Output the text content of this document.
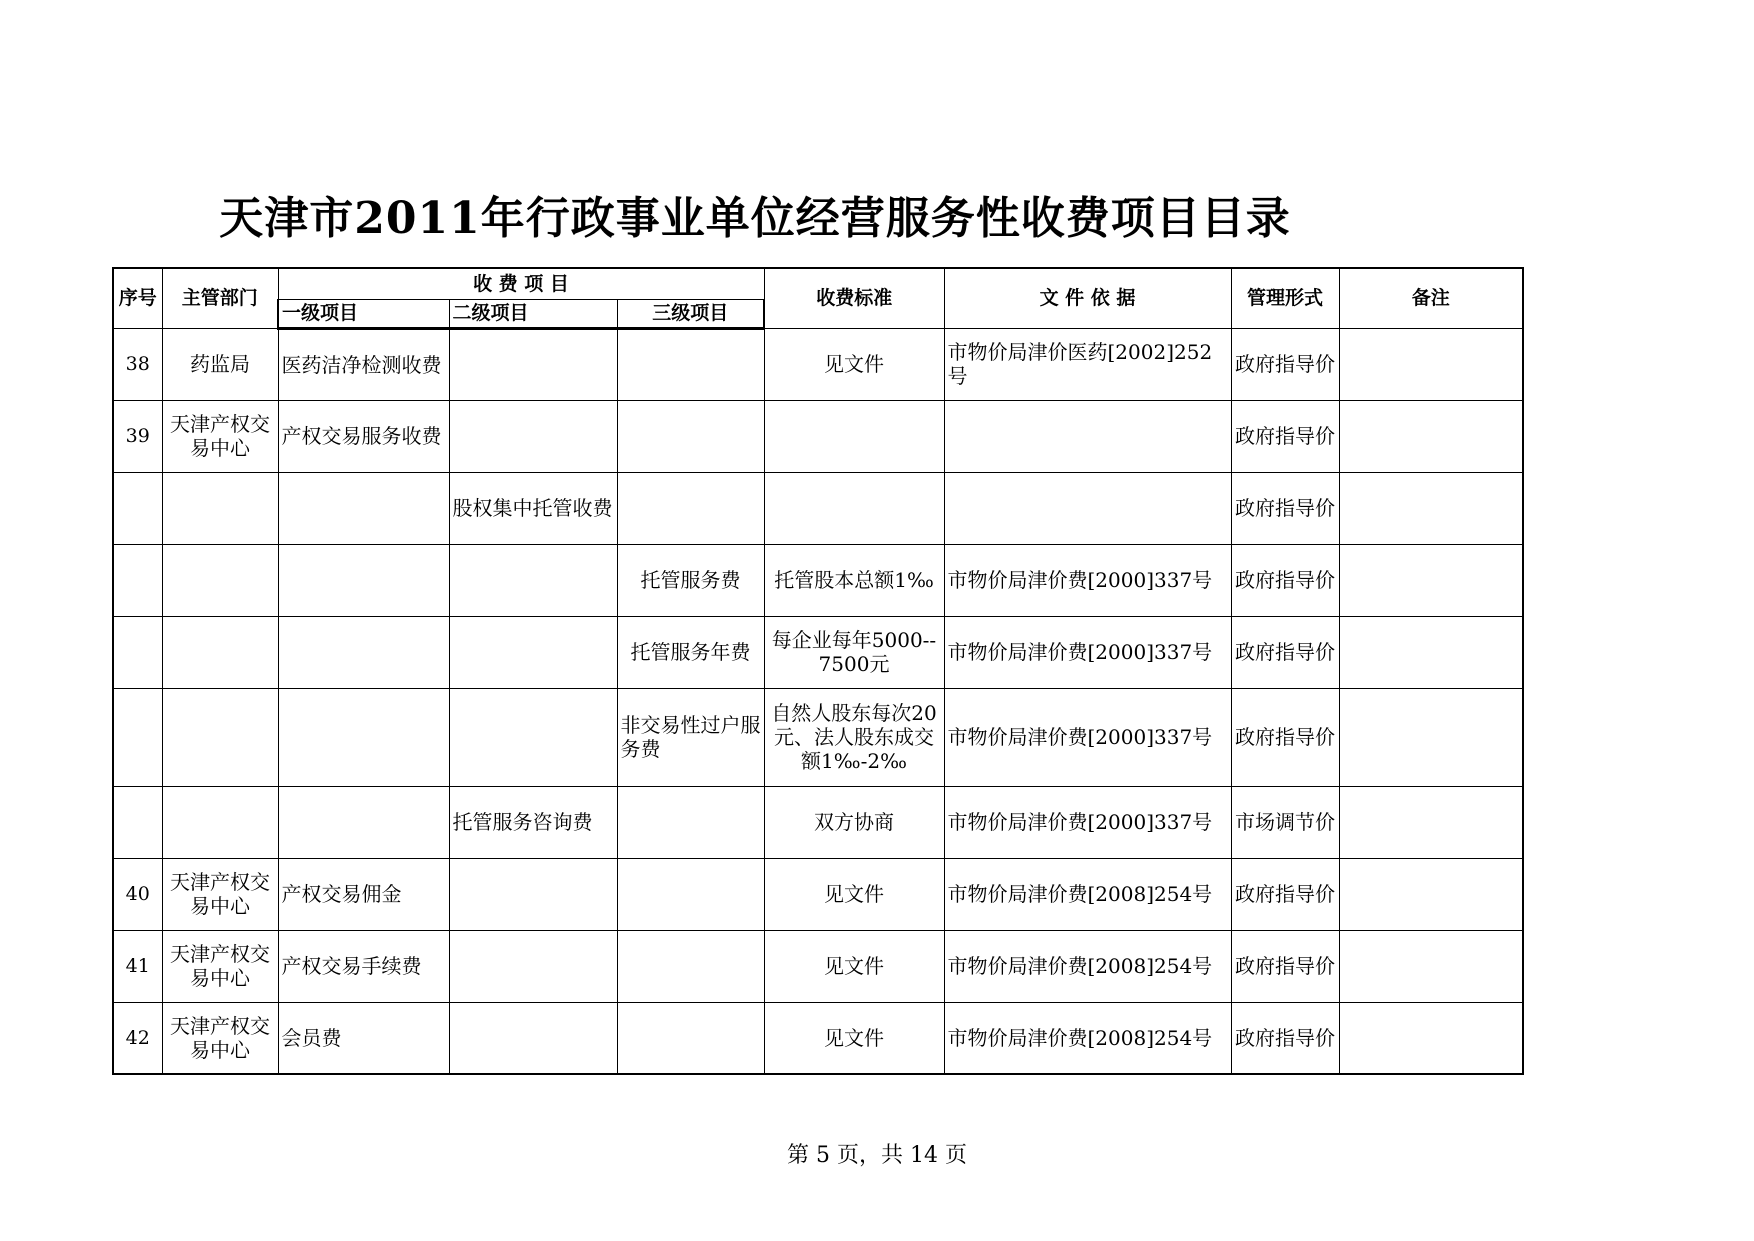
天津市2011年行政事业单位经营服务性收费项目目录
序号	主管部门	收 费 项 目			收费标准	文 件 依 据	管理形式	备注
		一级项目	二级项目	三级项目				
38	药监局	医药洁净检测收费			见文件	市物价局津价医药[2002]252号	政府指导价	
39	天津产权交易中心	产权交易服务收费					政府指导价	
			股权集中托管收费				政府指导价	
				托管服务费	托管股本总额1‰	市物价局津价费[2000]337号	政府指导价	
				托管服务年费	每企业每年5000--7500元	市物价局津价费[2000]337号	政府指导价	
				非交易性过户服务费	自然人股东每次20元、法人股东成交额1‰-2‰	市物价局津价费[2000]337号	政府指导价	
			托管服务咨询费		双方协商	市物价局津价费[2000]337号	市场调节价	
40	天津产权交易中心	产权交易佣金			见文件	市物价局津价费[2008]254号	政府指导价	
41	天津产权交易中心	产权交易手续费			见文件	市物价局津价费[2008]254号	政府指导价	
42	天津产权交易中心	会员费			见文件	市物价局津价费[2008]254号	政府指导价	
第 5 页，共 14 页
